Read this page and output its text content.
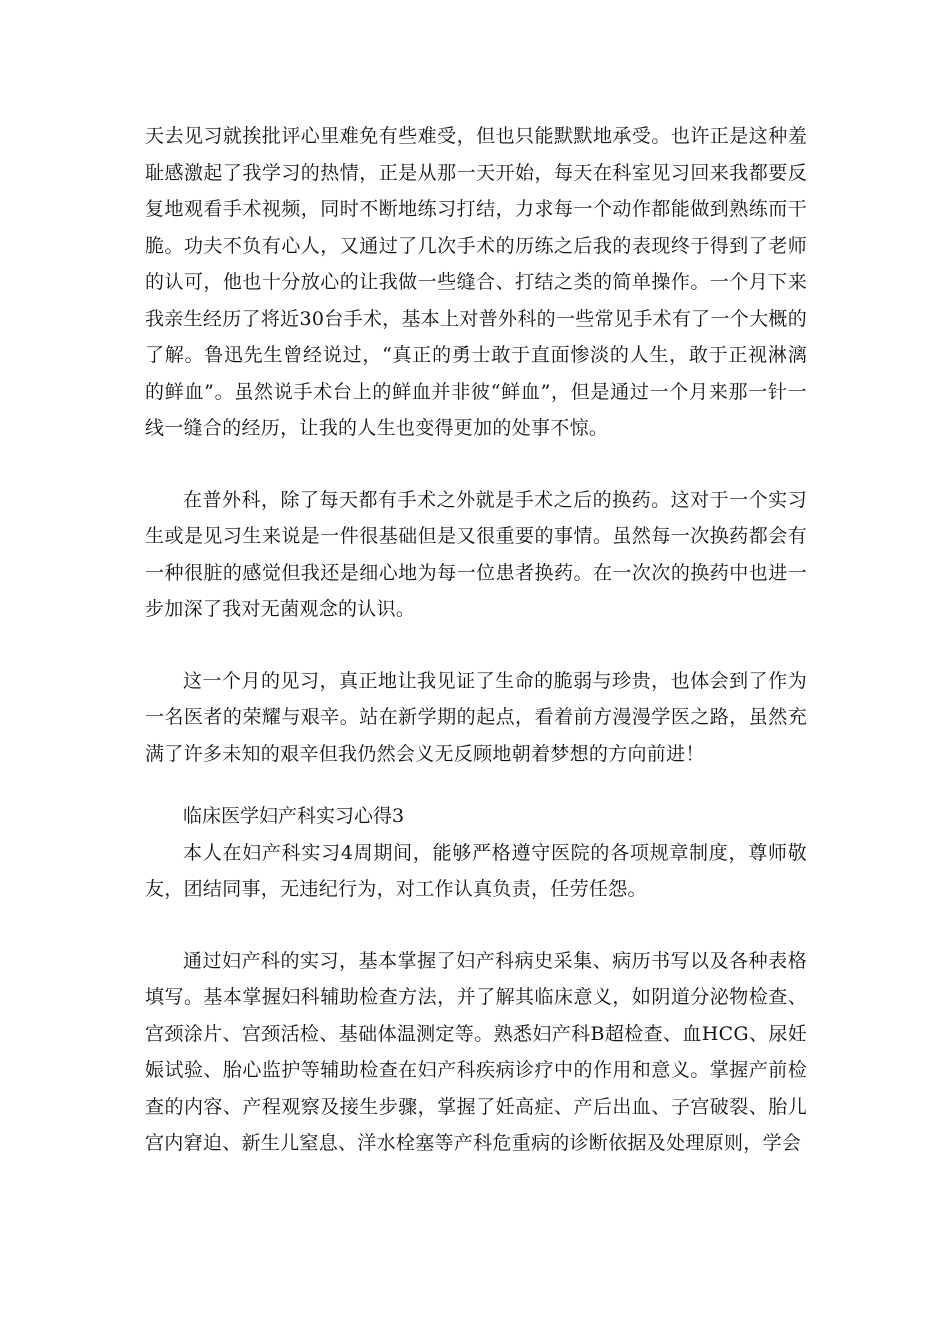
天去见习就挨批评心里难免有些难受，但也只能默默地承受。也许正是这种羞耻感激起了我学习的热情，正是从那一天开始，每天在科室见习回来我都要反复地观看手术视频，同时不断地练习打结，力求每一个动作都能做到熟练而干脆。功夫不负有心人，又通过了几次手术的历练之后我的表现终于得到了老师的认可，他也十分放心的让我做一些缝合、打结之类的简单操作。一个月下来我亲生经历了将近30台手术，基本上对普外科的一些常见手术有了一个大概的了解。鲁迅先生曾经说过，“真正的勇士敢于直面惨淡的人生，敢于正视淋漓的鲜血”。虽然说手术台上的鲜血并非彼“鲜血”，但是通过一个月来那一针一线一缝合的经历，让我的人生也变得更加的处事不惊。

在普外科，除了每天都有手术之外就是手术之后的换药。这对于一个实习生或是见习生来说是一件很基础但是又很重要的事情。虽然每一次换药都会有一种很脏的感觉但我还是细心地为每一位患者换药。在一次次的换药中也进一步加深了我对无菌观念的认识。

这一个月的见习，真正地让我见证了生命的脆弱与珍贵，也体会到了作为一名医者的荣耀与艰辛。站在新学期的起点，看着前方漫漫学医之路，虽然充满了许多未知的艰辛但我仍然会义无反顾地朝着梦想的方向前进！

临床医学妇产科实习心得3

本人在妇产科实习4周期间，能够严格遵守医院的各项规章制度，尊师敬友，团结同事，无违纪行为，对工作认真负责，任劳任怨。

通过妇产科的实习，基本掌握了妇产科病史采集、病历书写以及各种表格填写。基本掌握妇科辅助检查方法，并了解其临床意义，如阴道分泌物检查、宫颈涂片、宫颈活检、基础体温测定等。熟悉妇产科B超检查、血HCG、尿妊娠试验、胎心监护等辅助检查在妇产科疾病诊疗中的作用和意义。掌握产前检查的内容、产程观察及接生步骤，掌握了妊高症、产后出血、子宫破裂、胎儿宫内窘迫、新生儿窒息、洋水栓塞等产科危重病的诊断依据及处理原则，学会
